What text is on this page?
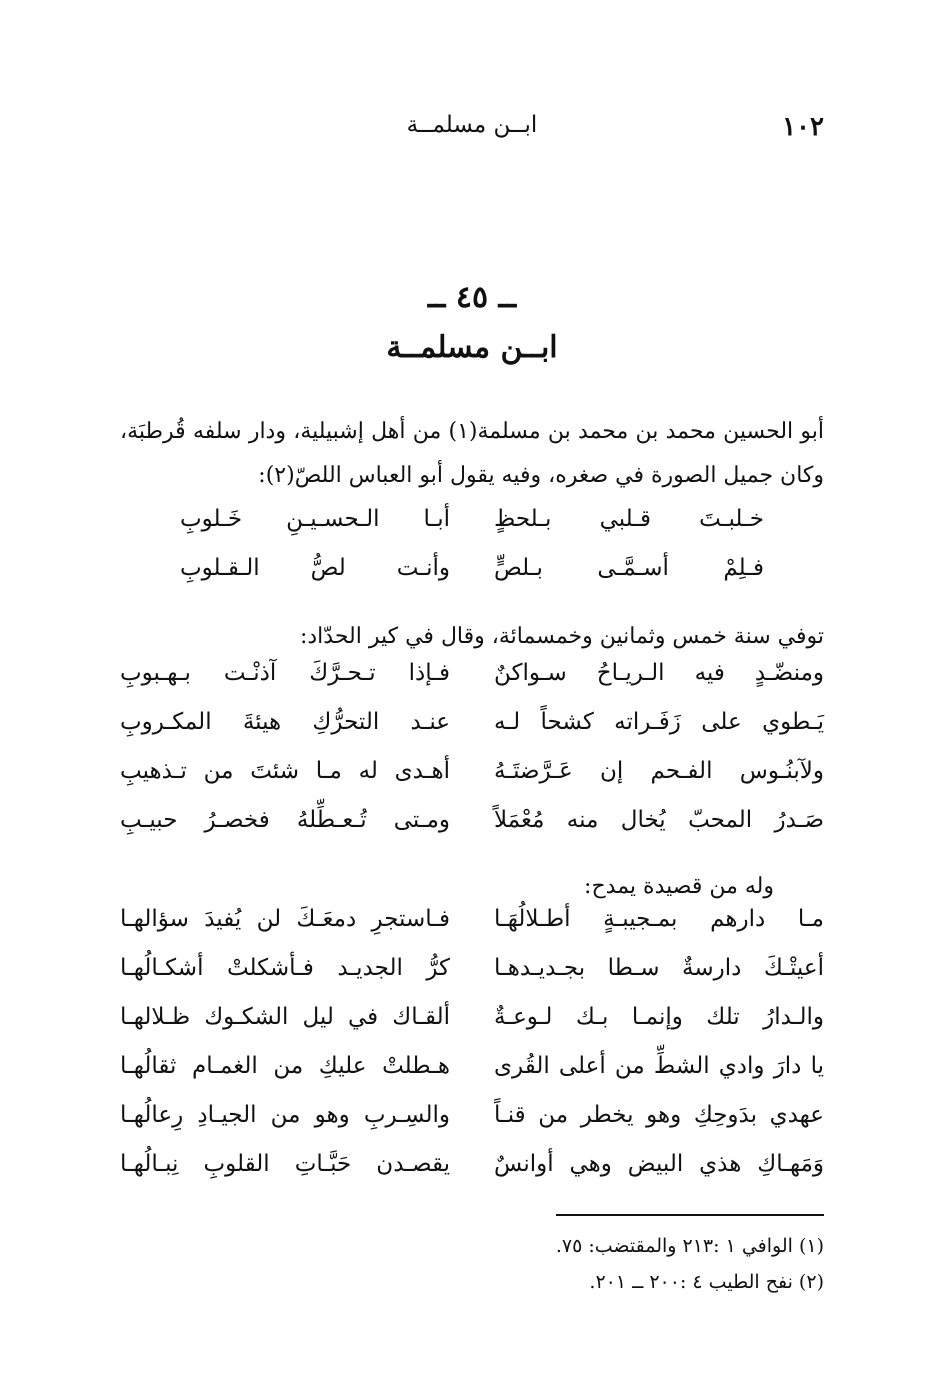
١٠٢
ابــن مسلمــة
ــ ٤٥ ــ
ابــن مسلمــة

أبو الحسين محمد بن محمد بن مسلمة(١) من أهل إشبيلية، ودار سلفه قُرطبَة، وكان جميل الصورة في صغره، وفيه يقول أبو العباس اللصّ(٢):

خـلبـتَ قـلبي بـلحظٍ
أبـا الـحسـيـنِ خَـلوبِ
فـلِمْ أسـمَّـى بـلصٍّ
وأنـت لصُّ الـقـلوبِ

توفي سنة خمس وثمانين وخمسمائة، وقال في كير الحدّاد:

ومنضّـدٍ فيه الـريـاحُ سـواكنٌ
فـإذا تـحـرَّكَ آذنْـت بـهـبوبِ
يَـطوي على زَفَـراته كشحاً لـه
عنـد التحرُّكِ هيئةَ المكـروبِ
ولآبنُـوس الفـحم إن عَـرَّضتَـهُ
أهـدى له مـا شئتَ من تـذهيبِ
صَـدرُ المحبّ يُخال منه مُعْمَلاً
ومـتى تُـعـطِّلهُ فخصـرُ حبيـبِ

وله من قصيدة يمدح:

مـا دارهم بمـجيبـةٍ أطـلالُهَـا
فـاستجرِ دمعَـكَ لن يُفيدَ سؤالهـا
أعيتْـكَ دارسةٌ سـطا بجـديـدهـا
كرُّ الجديـد فـأشكلتْ أشكـالُهـا
والـدارُ تلك وإنمـا بـك لـوعـةٌ
ألقـاك في ليل الشكـوك ظـلالهـا
يا دارَ وادي الشطِّ من أعلى القُرى
هـطلتْ عليكِ من الغمـام ثقالُهـا
عهدي بدَوحِكِ وهو يخطر من قنـاً
والسِـربِ وهو من الجيـادِ رِعالُهـا
وَمَهـاكِ هذي البيض وهي أوانسٌ
يقصـدن حَبَّـاتِ القلوبِ نِبـالُهـا
(١) الوافي ١ :٢١٣ والمقتضب: ٧٥.
(٢) نفح الطيب ٤ :٢٠٠ ــ ٢٠١.
